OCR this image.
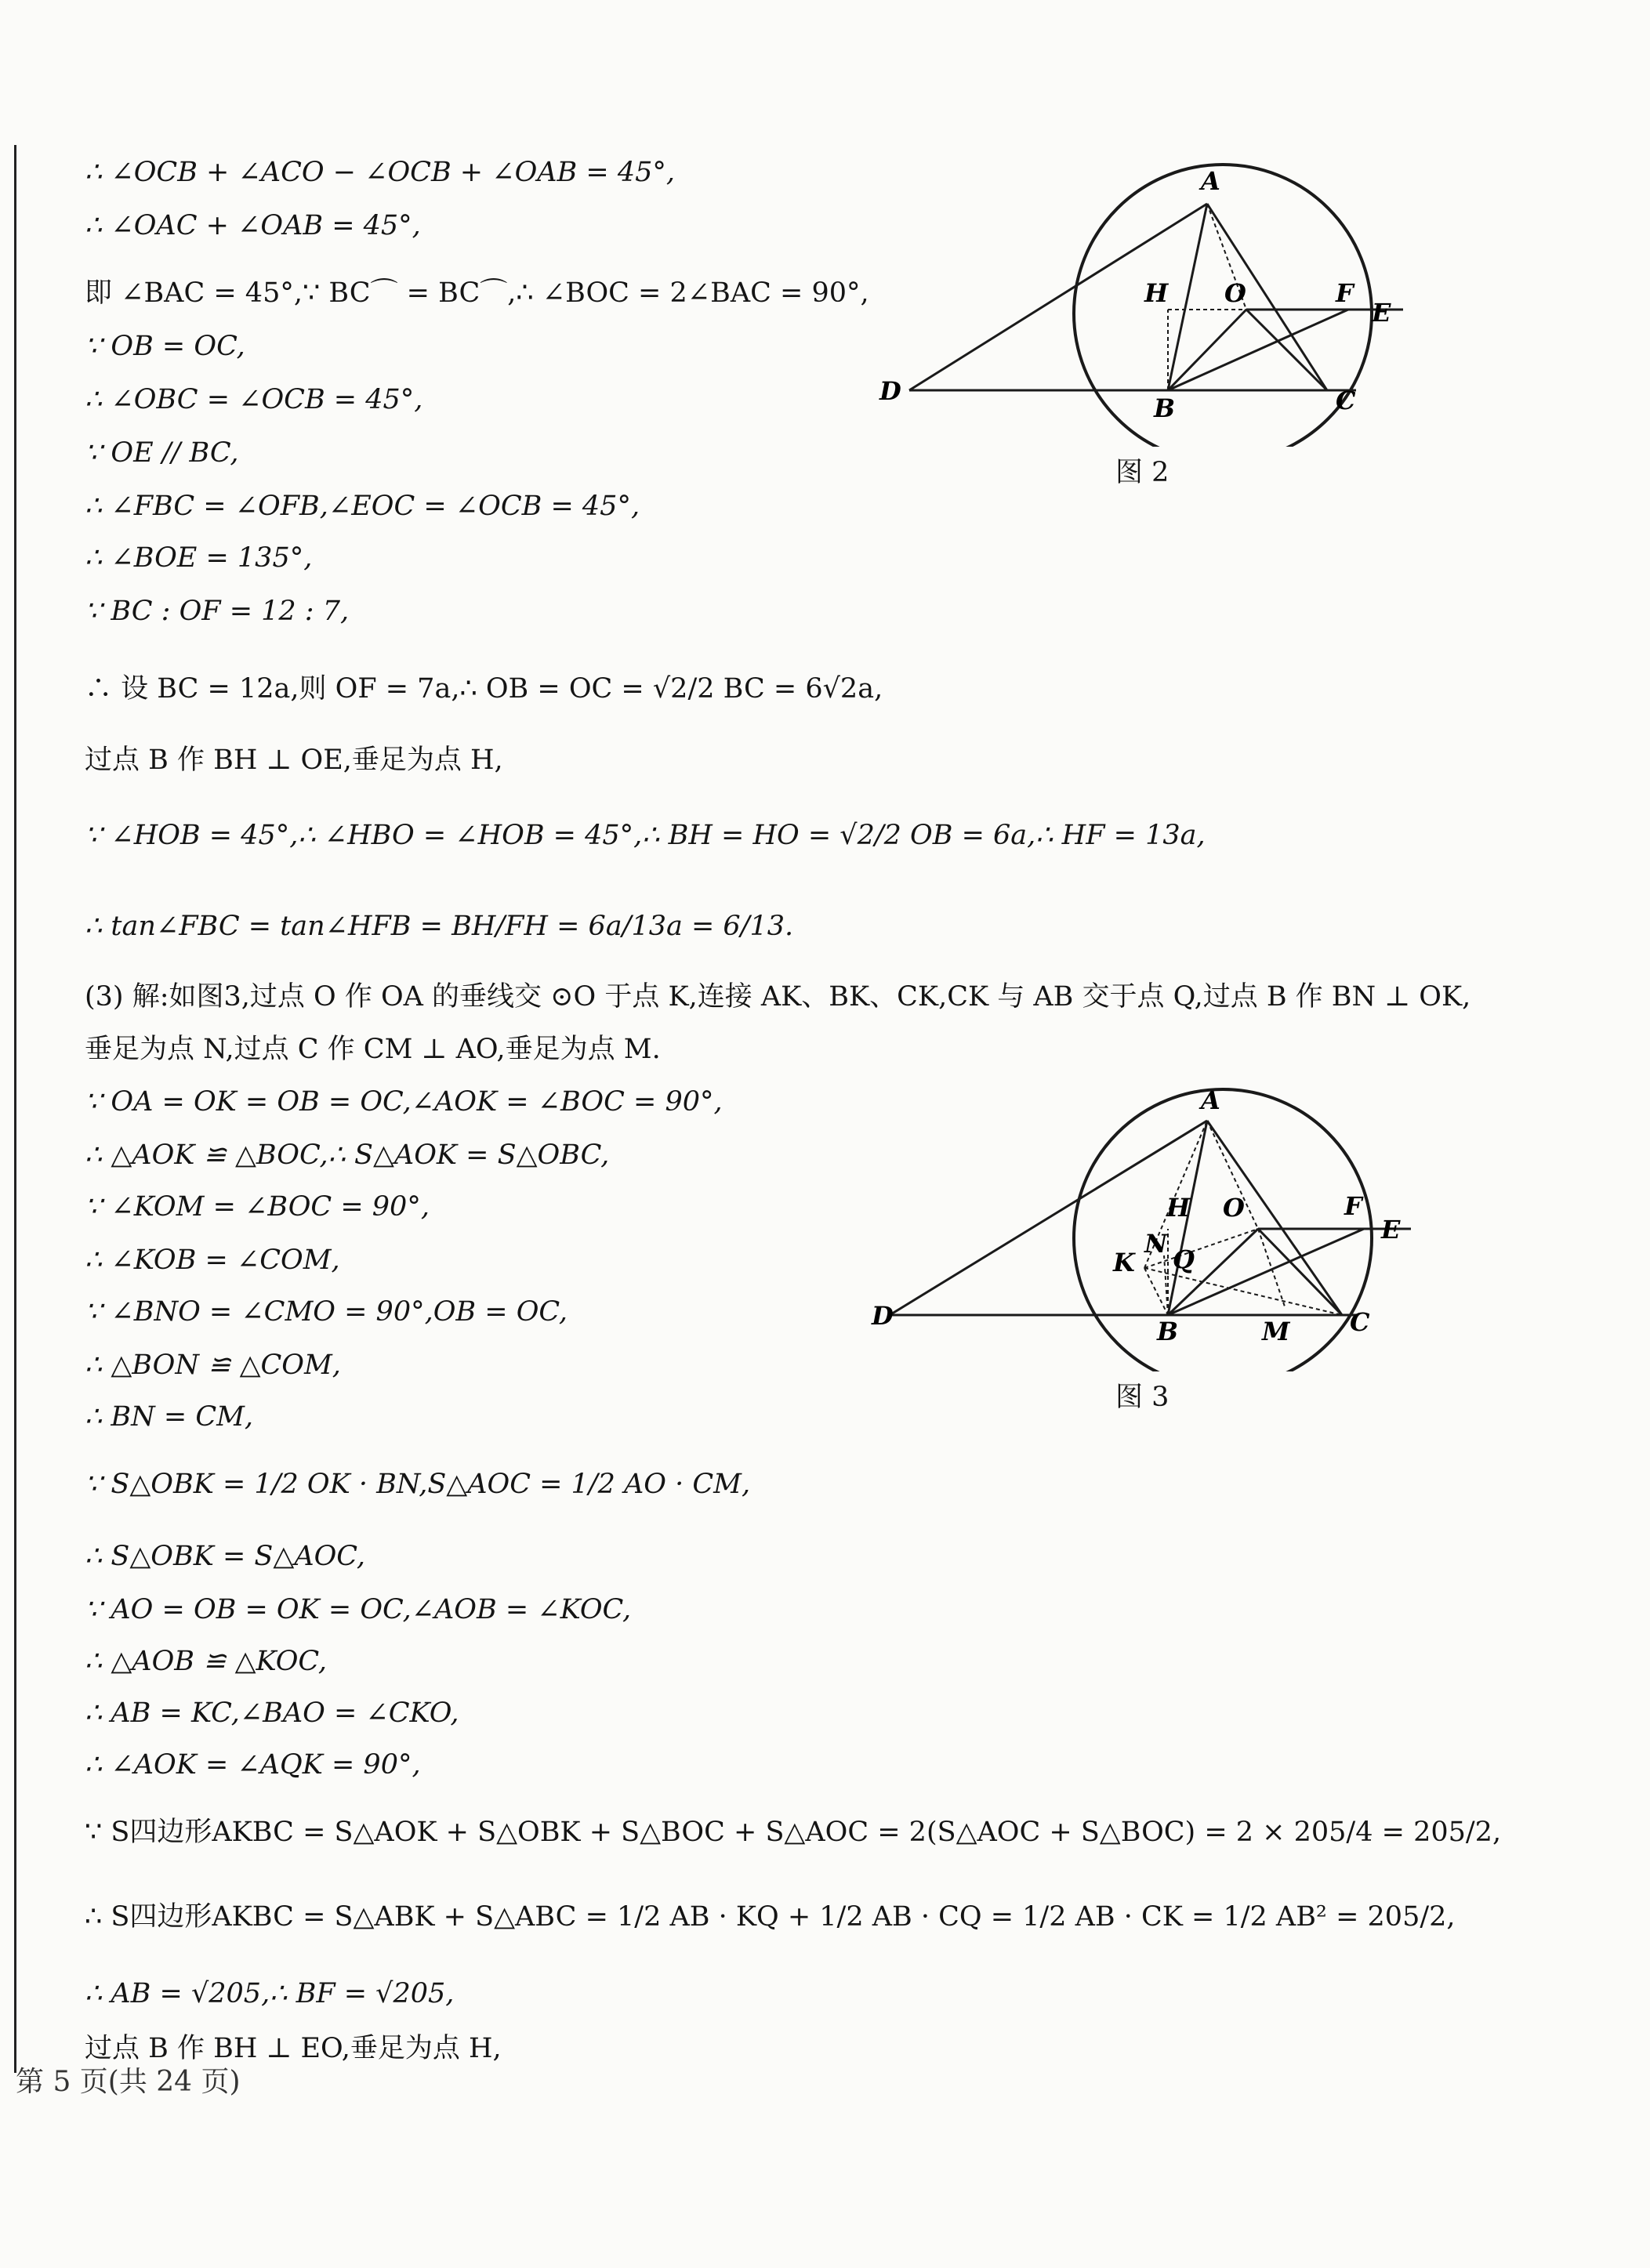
∴ ∠OCB + ∠ACO − ∠OCB + ∠OAB = 45°,
∴ ∠OAC + ∠OAB = 45°,
即 ∠BAC = 45°,∵ BC⌒ = BC⌒,∴ ∠BOC = 2∠BAC = 90°,
∵ OB = OC,
∴ ∠OBC = ∠OCB = 45°,
∵ OE // BC,
∴ ∠FBC = ∠OFB,∠EOC = ∠OCB = 45°,
∴ ∠BOE = 135°,
∵ BC : OF = 12 : 7,
∴ 设 BC = 12a,则 OF = 7a,∴ OB = OC = √2/2 BC = 6√2a,
过点 B 作 BH ⊥ OE,垂足为点 H,
∵ ∠HOB = 45°,∴ ∠HBO = ∠HOB = 45°,∴ BH = HO = √2/2 OB = 6a,∴ HF = 13a,
∴ tan∠FBC = tan∠HFB = BH/FH = 6a/13a = 6/13.
(3) 解:如图3,过点 O 作 OA 的垂线交 ⊙O 于点 K,连接 AK、BK、CK,CK 与 AB 交于点 Q,过点 B 作 BN ⊥ OK,
垂足为点 N,过点 C 作 CM ⊥ AO,垂足为点 M.
∵ OA = OK = OB = OC,∠AOK = ∠BOC = 90°,
∴ △AOK ≌ △BOC,∴ S△AOK = S△OBC,
∵ ∠KOM = ∠BOC = 90°,
∴ ∠KOB = ∠COM,
∵ ∠BNO = ∠CMO = 90°,OB = OC,
∴ △BON ≌ △COM,
∴ BN = CM,
∵ S△OBK = 1/2 OK · BN,S△AOC = 1/2 AO · CM,
∴ S△OBK = S△AOC,
∵ AO = OB = OK = OC,∠AOB = ∠KOC,
∴ △AOB ≌ △KOC,
∴ AB = KC,∠BAO = ∠CKO,
∴ ∠AOK = ∠AQK = 90°,
∵ S四边形AKBC = S△AOK + S△OBK + S△BOC + S△AOC = 2(S△AOC + S△BOC) = 2 × 205/4 = 205/2,
∴ S四边形AKBC = S△ABK + S△ABC = 1/2 AB · KQ + 1/2 AB · CQ = 1/2 AB · CK = 1/2 AB² = 205/2,
∴ AB = √205,∴ BF = √205,
过点 B 作 BH ⊥ EO,垂足为点 H,
A
H O	F
E
D
B	C
图 2
A
H O	F
E
N
K Q
D
B	M C
图 3
第 5 页(共 24 页)
